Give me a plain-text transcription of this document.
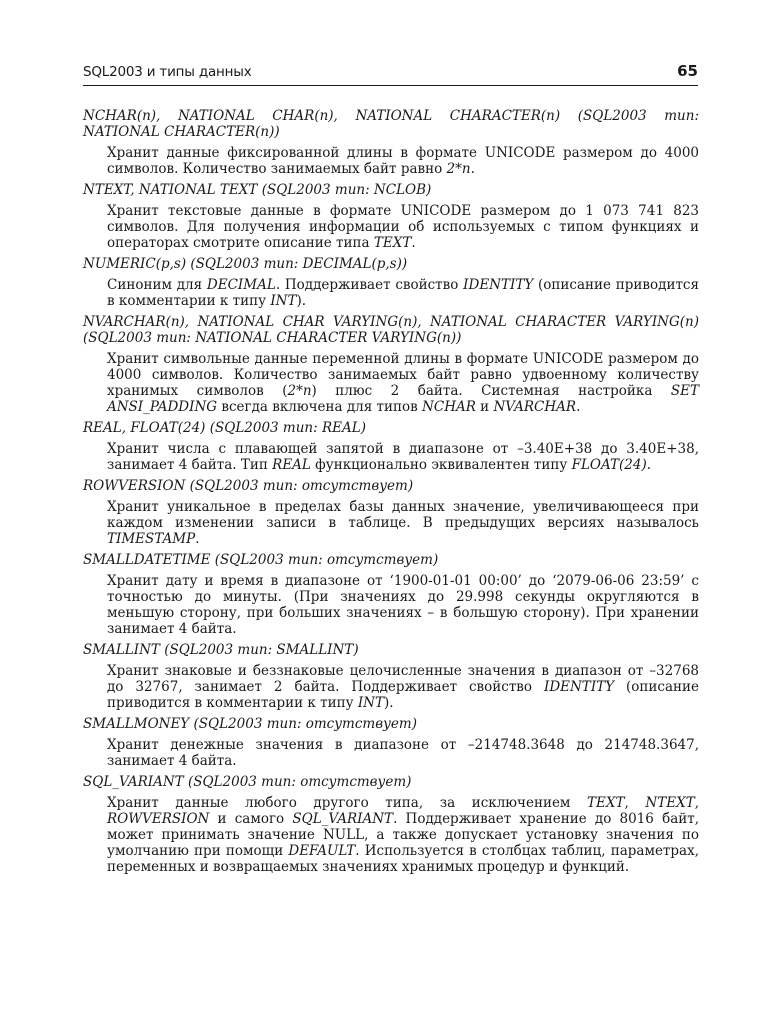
SQL2003 и типы данных	65

NCHAR(n), NATIONAL CHAR(n), NATIONAL CHARACTER(n) (SQL2003 тип: NATIONAL CHARACTER(n))

Хранит данные фиксированной длины в формате UNICODE размером до 4000 символов. Количество занимаемых байт равно 2*n.

NTEXT, NATIONAL TEXT (SQL2003 тип: NCLOB)

Хранит текстовые данные в формате UNICODE размером до 1 073 741 823 символов. Для получения информации об используемых с типом функциях и операторах смотрите описание типа TEXT.

NUMERIC(p,s) (SQL2003 тип: DECIMAL(p,s))

Синоним для DECIMAL. Поддерживает свойство IDENTITY (описание приводится в комментарии к типу INT).

NVARCHAR(n), NATIONAL CHAR VARYING(n), NATIONAL CHARACTER VARYING(n) (SQL2003 тип: NATIONAL CHARACTER VARYING(n))

Хранит символьные данные переменной длины в формате UNICODE размером до 4000 символов. Количество занимаемых байт равно удвоенному количеству хранимых символов (2*n) плюс 2 байта. Системная настройка SET ANSI_PADDING всегда включена для типов NCHAR и NVARCHAR.

REAL, FLOAT(24) (SQL2003 тип: REAL)

Хранит числа с плавающей запятой в диапазоне от –3.40E+38 до 3.40E+38, занимает 4 байта. Тип REAL функционально эквивалентен типу FLOAT(24).

ROWVERSION (SQL2003 тип: отсутствует)

Хранит уникальное в пределах базы данных значение, увеличивающееся при каждом изменении записи в таблице. В предыдущих версиях называлось TIMESTAMP.

SMALLDATETIME (SQL2003 тип: отсутствует)

Хранит дату и время в диапазоне от ‘1900-01-01 00:00’ до ‘2079-06-06 23:59’ с точностью до минуты. (При значениях до 29.998 секунды округляются в меньшую сторону, при больших значениях – в большую сторону). При хранении занимает 4 байта.

SMALLINT (SQL2003 тип: SMALLINT)

Хранит знаковые и беззнаковые целочисленные значения в диапазон от –32768 до 32767, занимает 2 байта. Поддерживает свойство IDENTITY (описание приводится в комментарии к типу INT).

SMALLMONEY (SQL2003 тип: отсутствует)

Хранит денежные значения в диапазоне от –214748.3648 до 214748.3647, занимает 4 байта.

SQL_VARIANT (SQL2003 тип: отсутствует)

Хранит данные любого другого типа, за исключением TEXT, NTEXT, ROWVERSION и самого SQL_VARIANT. Поддерживает хранение до 8016 байт, может принимать значение NULL, а также допускает установку значения по умолчанию при помощи DEFAULT. Используется в столбцах таблиц, параметрах, переменных и возвращаемых значениях хранимых процедур и функций.
